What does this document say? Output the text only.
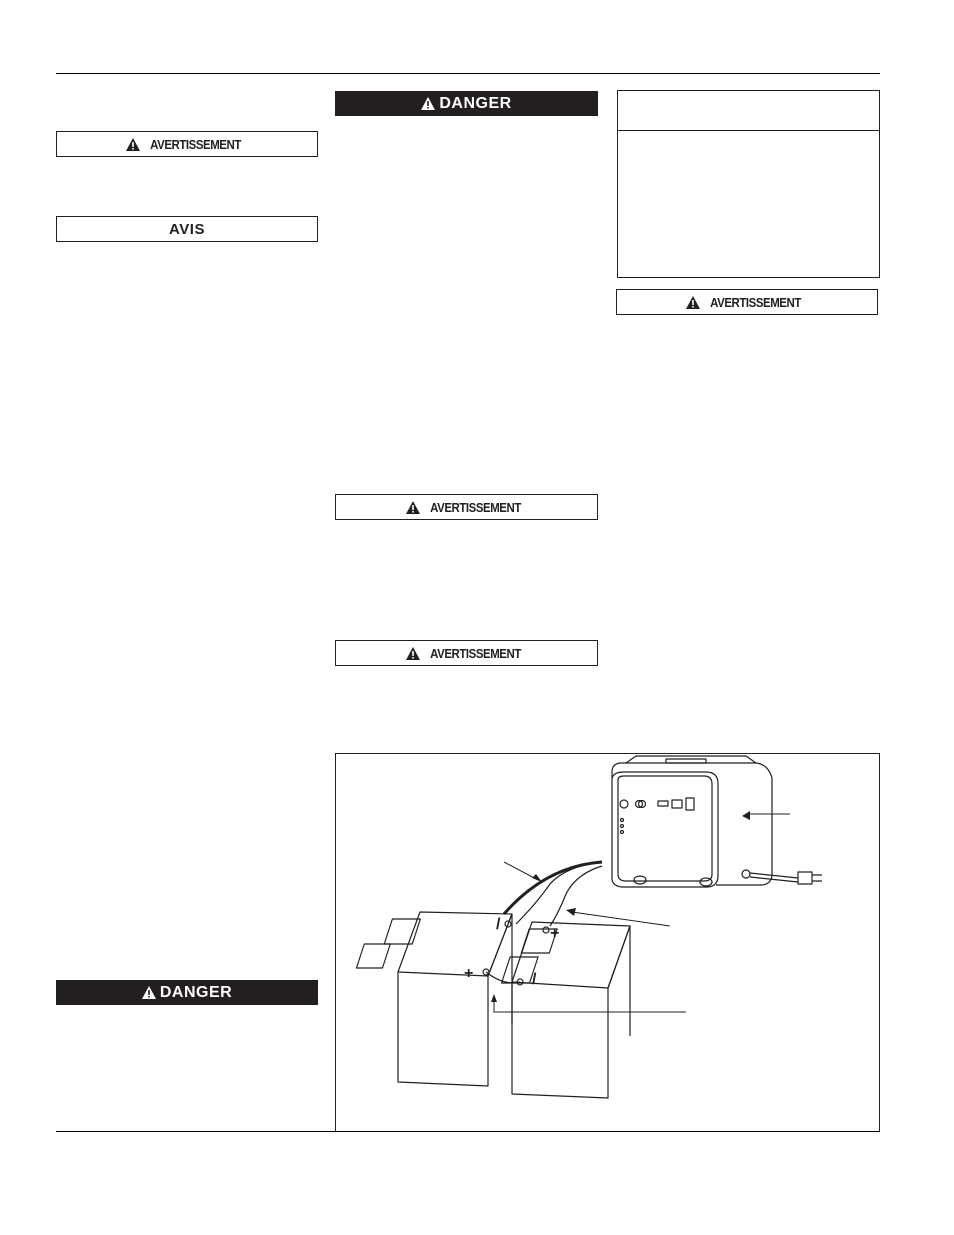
AVERTISSEMENT
AVIS
DANGER
DANGER
AVERTISSEMENT
AVERTISSEMENT
AVERTISSEMENT
/
+
+
/
